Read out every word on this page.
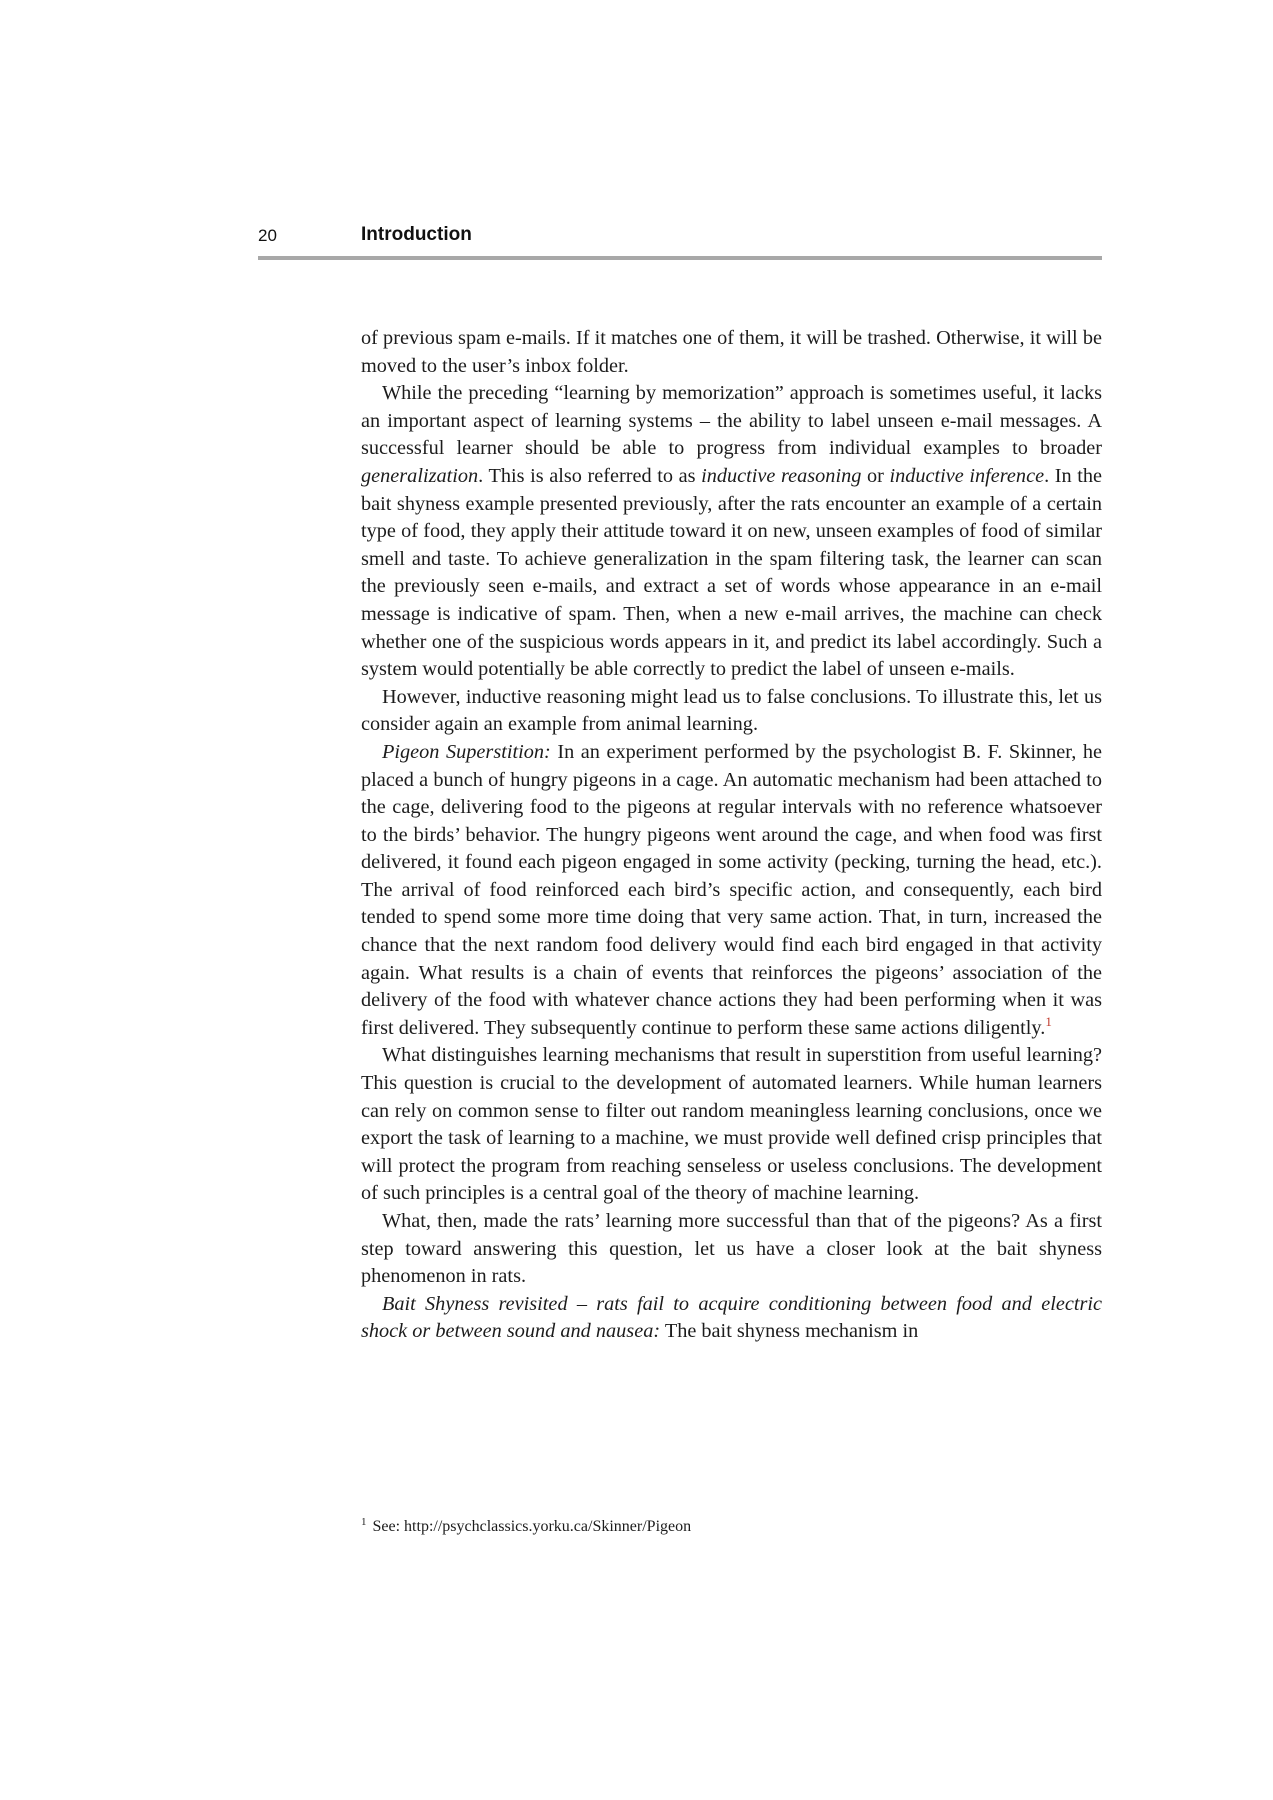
20	Introduction

of previous spam e-mails. If it matches one of them, it will be trashed. Otherwise, it will be moved to the user’s inbox folder.

While the preceding “learning by memorization” approach is sometimes useful, it lacks an important aspect of learning systems – the ability to label unseen e-mail messages. A successful learner should be able to progress from individual examples to broader generalization. This is also referred to as inductive reasoning or inductive inference. In the bait shyness example presented previously, after the rats encounter an example of a certain type of food, they apply their attitude toward it on new, unseen examples of food of similar smell and taste. To achieve generalization in the spam filtering task, the learner can scan the previously seen e-mails, and extract a set of words whose appearance in an e-mail message is indicative of spam. Then, when a new e-mail arrives, the machine can check whether one of the suspicious words appears in it, and predict its label accordingly. Such a system would potentially be able correctly to predict the label of unseen e-mails.

However, inductive reasoning might lead us to false conclusions. To illustrate this, let us consider again an example from animal learning.

Pigeon Superstition: In an experiment performed by the psychologist B. F. Skinner, he placed a bunch of hungry pigeons in a cage. An automatic mechanism had been attached to the cage, delivering food to the pigeons at regular intervals with no reference whatsoever to the birds’ behavior. The hungry pigeons went around the cage, and when food was first delivered, it found each pigeon engaged in some activity (pecking, turning the head, etc.). The arrival of food reinforced each bird’s specific action, and consequently, each bird tended to spend some more time doing that very same action. That, in turn, increased the chance that the next random food delivery would find each bird engaged in that activity again. What results is a chain of events that reinforces the pigeons’ association of the delivery of the food with whatever chance actions they had been performing when it was first delivered. They subsequently continue to perform these same actions diligently.$^1$

What distinguishes learning mechanisms that result in superstition from useful learning? This question is crucial to the development of automated learners. While human learners can rely on common sense to filter out random meaningless learning conclusions, once we export the task of learning to a machine, we must provide well defined crisp principles that will protect the program from reaching senseless or useless conclusions. The development of such principles is a central goal of the theory of machine learning.

What, then, made the rats’ learning more successful than that of the pigeons? As a first step toward answering this question, let us have a closer look at the bait shyness phenomenon in rats.

Bait Shyness revisited – rats fail to acquire conditioning between food and electric shock or between sound and nausea: The bait shyness mechanism in

$^1$ See: http://psychclassics.yorku.ca/Skinner/Pigeon
